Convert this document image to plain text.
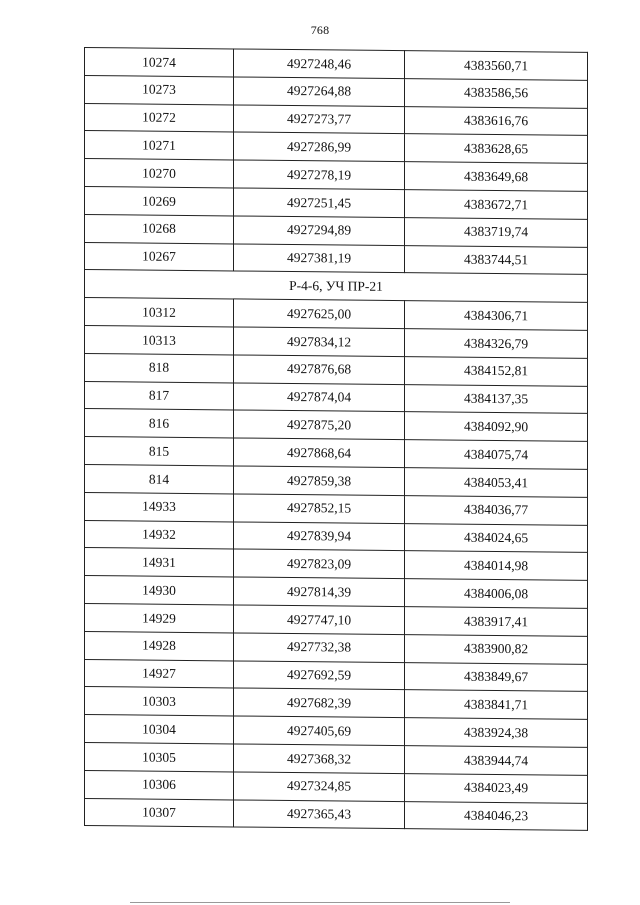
768
10274	4927248,46	4383560,71
10273	4927264,88	4383586,56
10272	4927273,77	4383616,76
10271	4927286,99	4383628,65
10270	4927278,19	4383649,68
10269	4927251,45	4383672,71
10268	4927294,89	4383719,74
10267	4927381,19	4383744,51
Р-4-6, УЧ ПР-21		
10312	4927625,00	4384306,71
10313	4927834,12	4384326,79
818	4927876,68	4384152,81
817	4927874,04	4384137,35
816	4927875,20	4384092,90
815	4927868,64	4384075,74
814	4927859,38	4384053,41
14933	4927852,15	4384036,77
14932	4927839,94	4384024,65
14931	4927823,09	4384014,98
14930	4927814,39	4384006,08
14929	4927747,10	4383917,41
14928	4927732,38	4383900,82
14927	4927692,59	4383849,67
10303	4927682,39	4383841,71
10304	4927405,69	4383924,38
10305	4927368,32	4383944,74
10306	4927324,85	4384023,49
10307	4927365,43	4384046,23
